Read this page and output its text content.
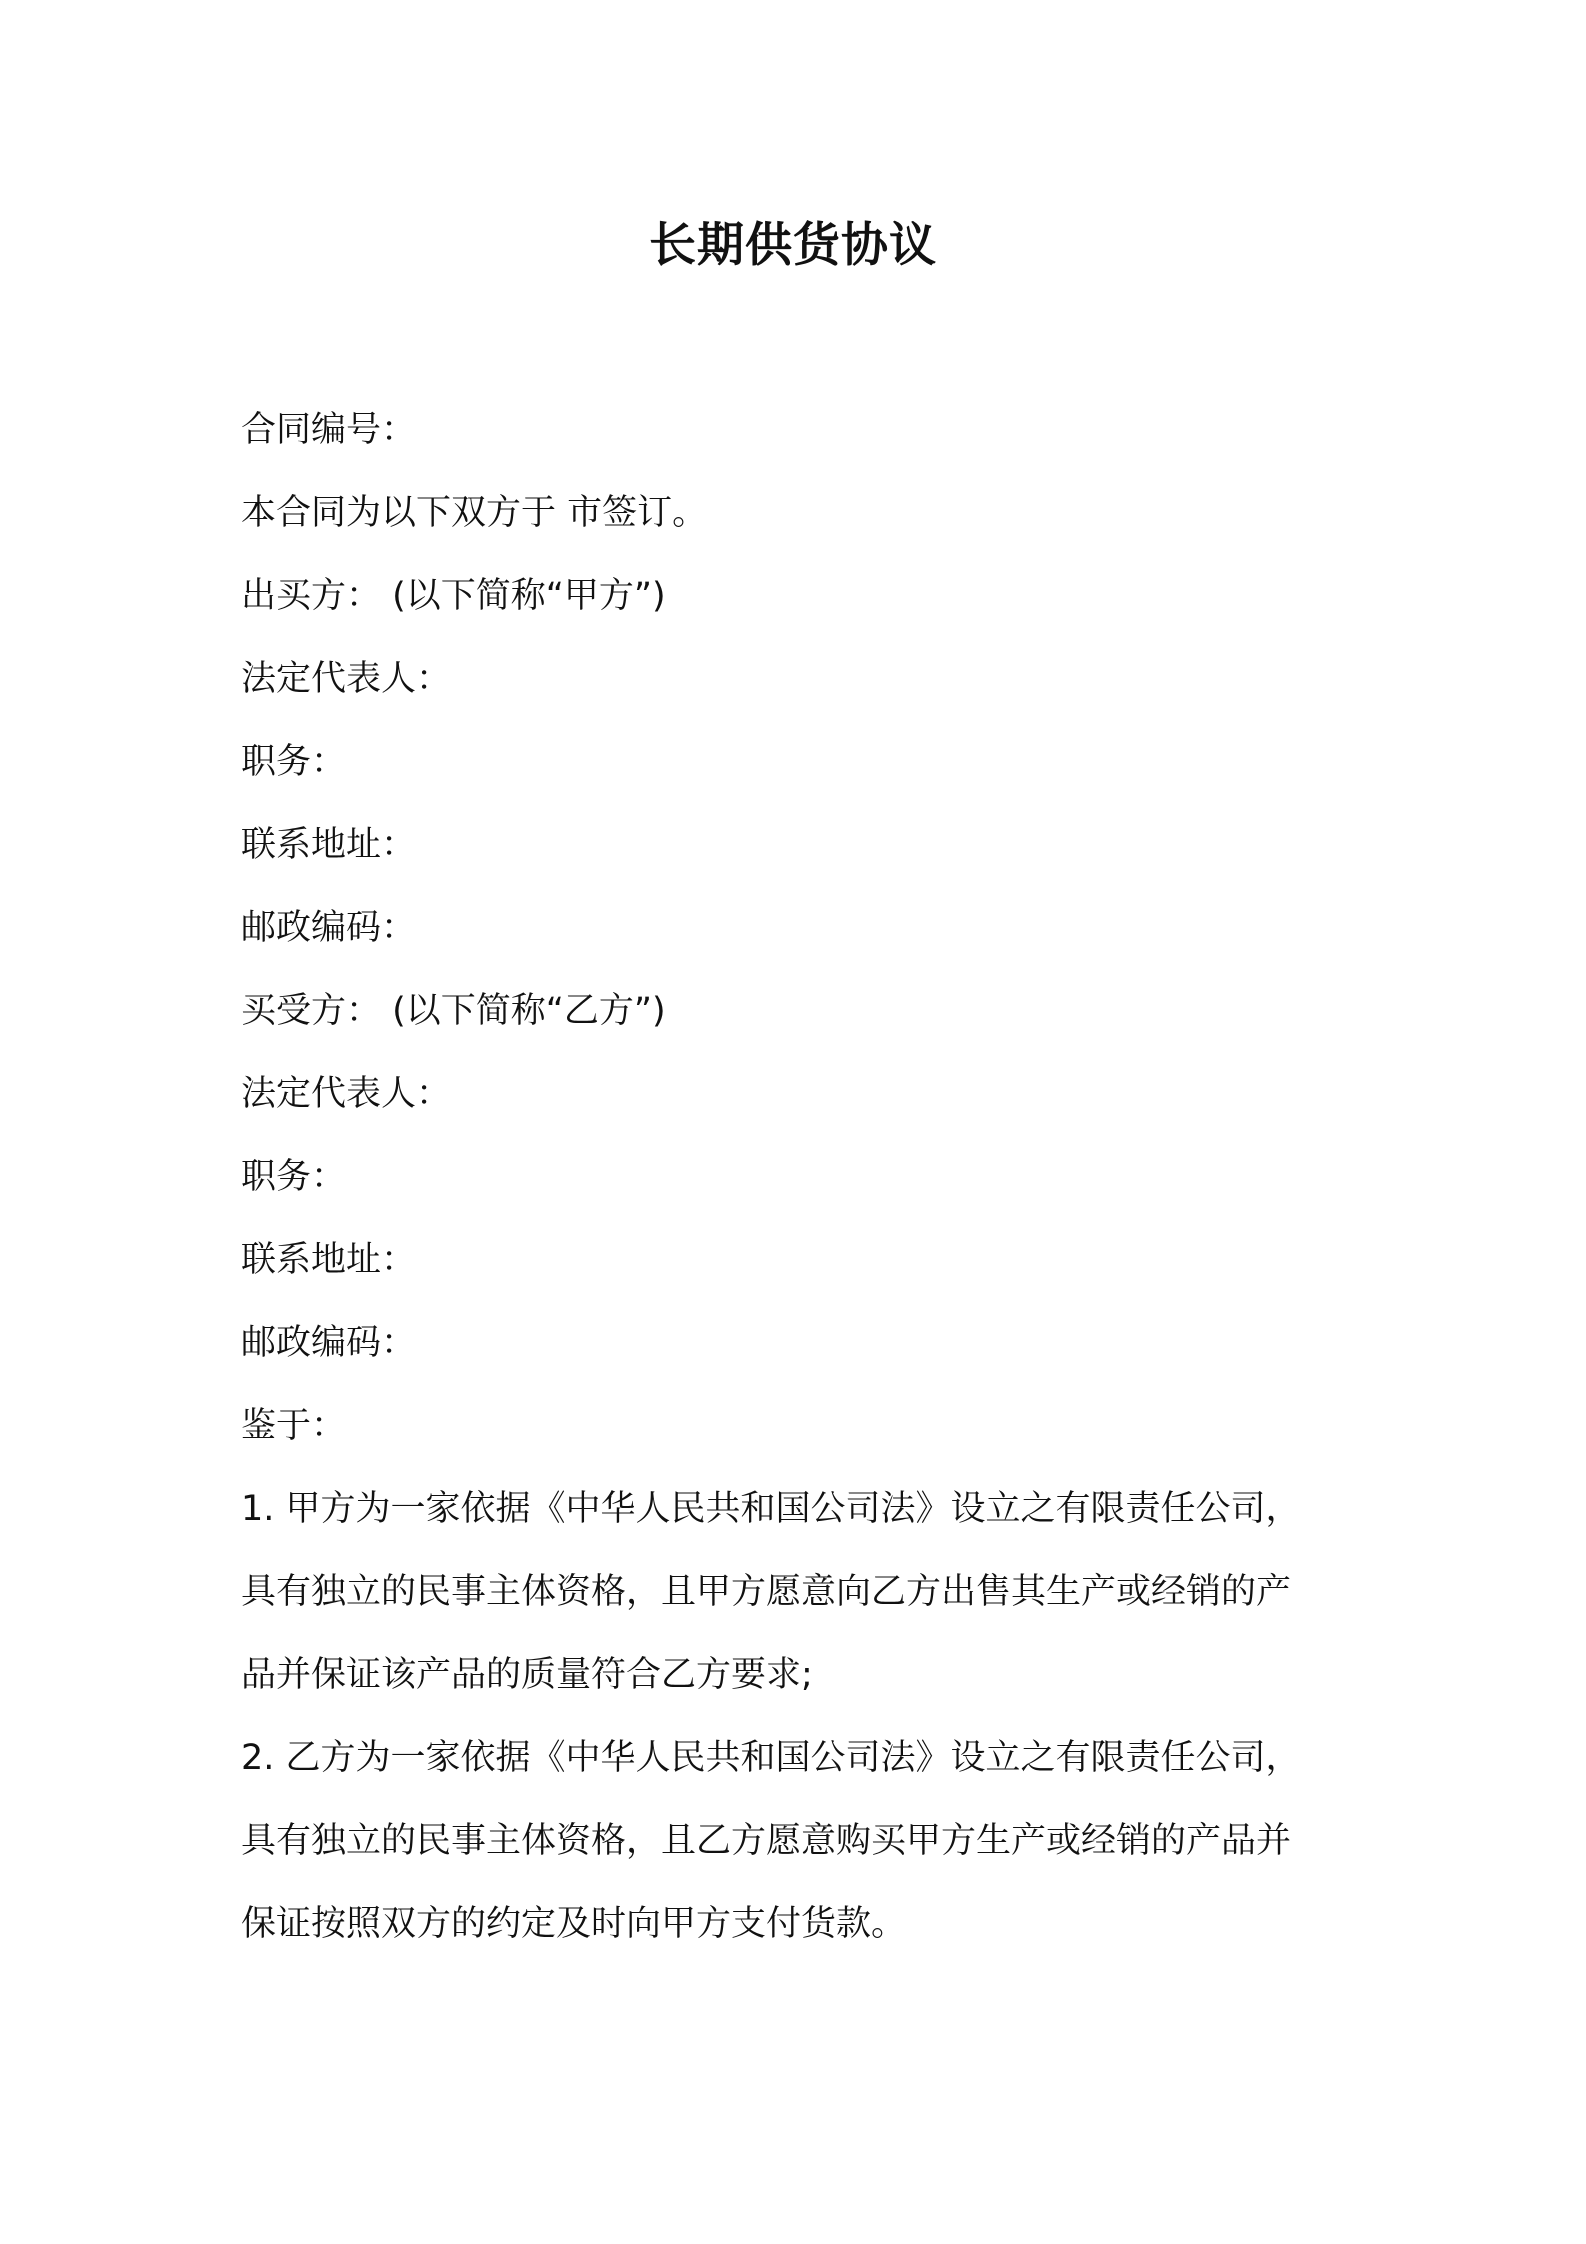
长期供货协议
合同编号：
本合同为以下双方于 市签订。
出买方： (以下简称“甲方”)
法定代表人：
职务：
联系地址：
邮政编码：
买受方： (以下简称“乙方”)
法定代表人：
职务：
联系地址：
邮政编码：
鉴于：
1. 甲方为一家依据《中华人民共和国公司法》设立之有限责任公司，
具有独立的民事主体资格，且甲方愿意向乙方出售其生产或经销的产
品并保证该产品的质量符合乙方要求;
2. 乙方为一家依据《中华人民共和国公司法》设立之有限责任公司，
具有独立的民事主体资格，且乙方愿意购买甲方生产或经销的产品并
保证按照双方的约定及时向甲方支付货款。
